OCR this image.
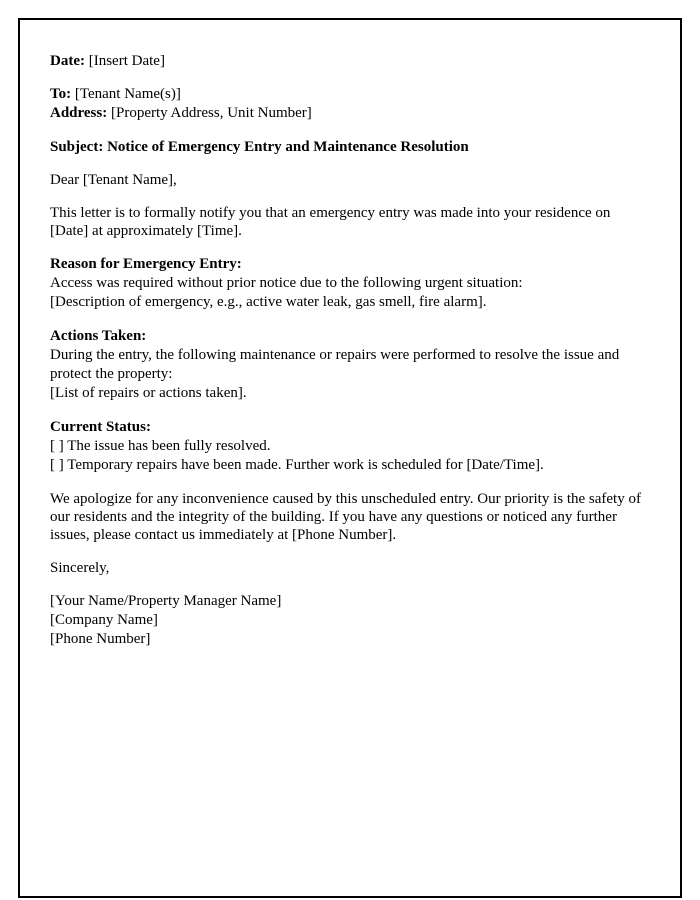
Date: [Insert Date]
To: [Tenant Name(s)]
Address: [Property Address, Unit Number]
Subject: Notice of Emergency Entry and Maintenance Resolution
Dear [Tenant Name],
This letter is to formally notify you that an emergency entry was made into your residence on [Date] at approximately [Time].
Reason for Emergency Entry:
Access was required without prior notice due to the following urgent situation:
[Description of emergency, e.g., active water leak, gas smell, fire alarm].
Actions Taken:
During the entry, the following maintenance or repairs were performed to resolve the issue and protect the property:
[List of repairs or actions taken].
Current Status:
[ ] The issue has been fully resolved.
[ ] Temporary repairs have been made. Further work is scheduled for [Date/Time].
We apologize for any inconvenience caused by this unscheduled entry. Our priority is the safety of our residents and the integrity of the building. If you have any questions or noticed any further issues, please contact us immediately at [Phone Number].
Sincerely,
[Your Name/Property Manager Name]
[Company Name]
[Phone Number]
